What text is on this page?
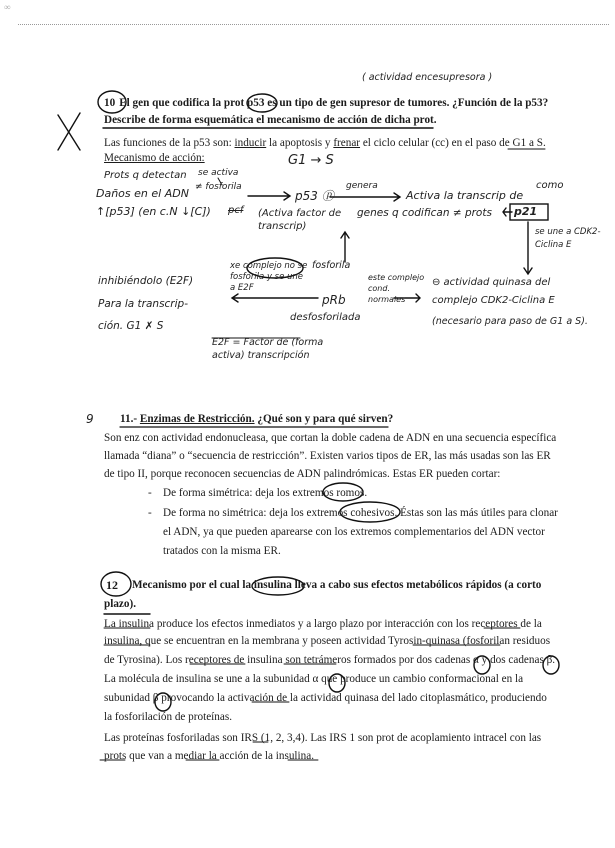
∞
( actividad encesupresora )
10 El gen que codifica la prot p53 es un tipo de gen supresor de tumores. ¿Función de la p53?
Describe de forma esquemática el mecanismo de acción de dicha prot.
Las funciones de la p53 son: inducir la apoptosis y frenar el ciclo celular (cc) en el paso de G1 a S.
Mecanismo de acción:	G1 → S
Prots q detectan se activa
≠ fosforila
Daños en el ADN	p53 ⓟ
genera
Activa la transcrip de
como
↑[p53] (en c.N ↓[C]) pcf (Activa factor de transcrip)
genes q codifican ≠ prots p21
se une a CDK2-Ciclina E
inhibiéndolo (E2F)
Para la transcrip-
ción. G1 ✗ S
xe complejo no se fosforila y se une a E2F
fosforila
pRb
desfosforilada
este complejo cond. normales
⊖ actividad quinasa del complejo CDK2-Ciclina E
(necesario para paso de G1 a S).
E2F = Factor de (forma activa) transcripción
9 11.- Enzimas de Restricción. ¿Qué son y para qué sirven?
Son enz con actividad endonucleasa, que cortan la doble cadena de ADN en una secuencia específica
llamada “diana” o “secuencia de restricción”. Existen varios tipos de ER, las más usadas son las ER
de tipo II, porque reconocen secuencias de ADN palindrómicas. Estas ER pueden cortar:
- De forma simétrica: deja los extremos romos.
- De forma no simétrica: deja los extremos cohesivos. Éstas son las más útiles para clonar
el ADN, ya que pueden aparearse con los extremos complementarios del ADN vector
tratados con la misma ER.
12 Mecanismo por el cual la insulina lleva a cabo sus efectos metabólicos rápidos (a corto
plazo).
La insulina produce los efectos inmediatos y a largo plazo por interacción con los receptores de la
insulina, que se encuentran en la membrana y poseen actividad Tyrosin-quinasa (fosforilan residuos
de Tyrosina). Los receptores de insulina son tetrámeros formados por dos cadenas α y dos cadenas β.
La molécula de insulina se une a la subunidad α que produce un cambio conformacional en la
subunidad β provocando la activación de la actividad quinasa del lado citoplasmático, produciendo
la fosforilación de proteínas.
Las proteínas fosforiladas son IRS (1, 2, 3,4). Las IRS 1 son prot de acoplamiento intracel con las
prots que van a mediar la acción de la insulina.
